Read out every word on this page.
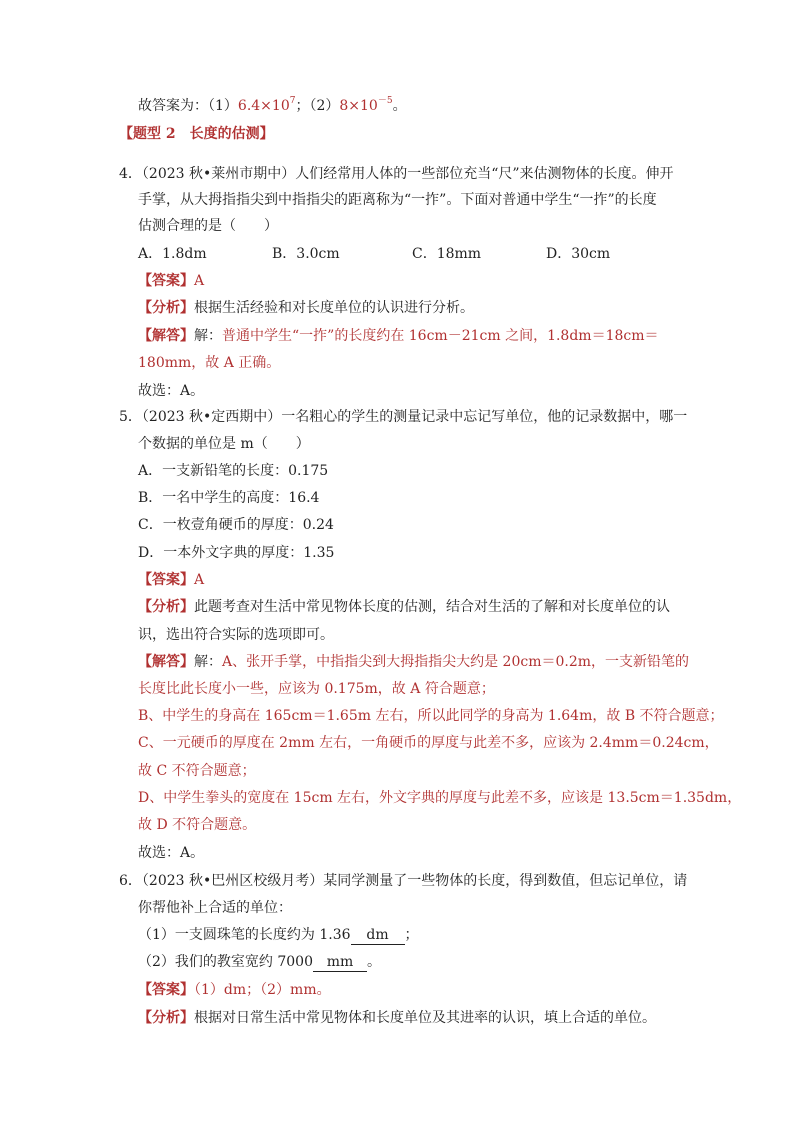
故答案为：$(1)6.4\times 10^7$；$(2)8\times 10^{-5}$。
【题型 2　长度的估测】
4．（2023 秋•莱州市期中）人们经常用人体的一些部位充当“尺”来估测物体的长度。伸开
手掌，从大拇指指尖到中指指尖的距离称为“一拃”。下面对普通中学生“一拃”的长度
估测合理的是（　　）
A．1.8dm	B．3.0cm	C．18mm	D．30cm
【答案】A
【分析】根据生活经验和对长度单位的认识进行分析。
【解答】解：普通中学生“一拃”的长度约在 16cm－21cm 之间，1.8dm＝18cm＝
180mm，故 A 正确。
故选：A。
5．（2023 秋•定西期中）一名粗心的学生的测量记录中忘记写单位，他的记录数据中，哪一
个数据的单位是 m（　　）
A．一支新铅笔的长度：0.175
B．一名中学生的高度：16.4
C．一枚壹角硬币的厚度：0.24
D．一本外文字典的厚度：1.35
【答案】A
【分析】此题考查对生活中常见物体长度的估测，结合对生活的了解和对长度单位的认
识，选出符合实际的选项即可。
【解答】解：A、张开手掌，中指指尖到大拇指指尖大约是 20cm＝0.2m，一支新铅笔的
长度比此长度小一些，应该为 0.175m，故 A 符合题意；
B、中学生的身高在 165cm＝1.65m 左右，所以此同学的身高为 1.64m，故 B 不符合题意；
C、一元硬币的厚度在 2mm 左右，一角硬币的厚度与此差不多，应该为 2.4mm＝0.24cm，
故 C 不符合题意；
D、中学生拳头的宽度在 15cm 左右，外文字典的厚度与此差不多，应该是 13.5cm＝1.35dm，
故 D 不符合题意。
故选：A。
6．（2023 秋•巴州区校级月考）某同学测量了一些物体的长度，得到数值，但忘记单位，请
你帮他补上合适的单位：
（1）一支圆珠笔的长度约为 1.36 dm ；
（2）我们的教室宽约 7000 mm 。
【答案】（1）dm；（2）mm。
【分析】根据对日常生活中常见物体和长度单位及其进率的认识，填上合适的单位。
